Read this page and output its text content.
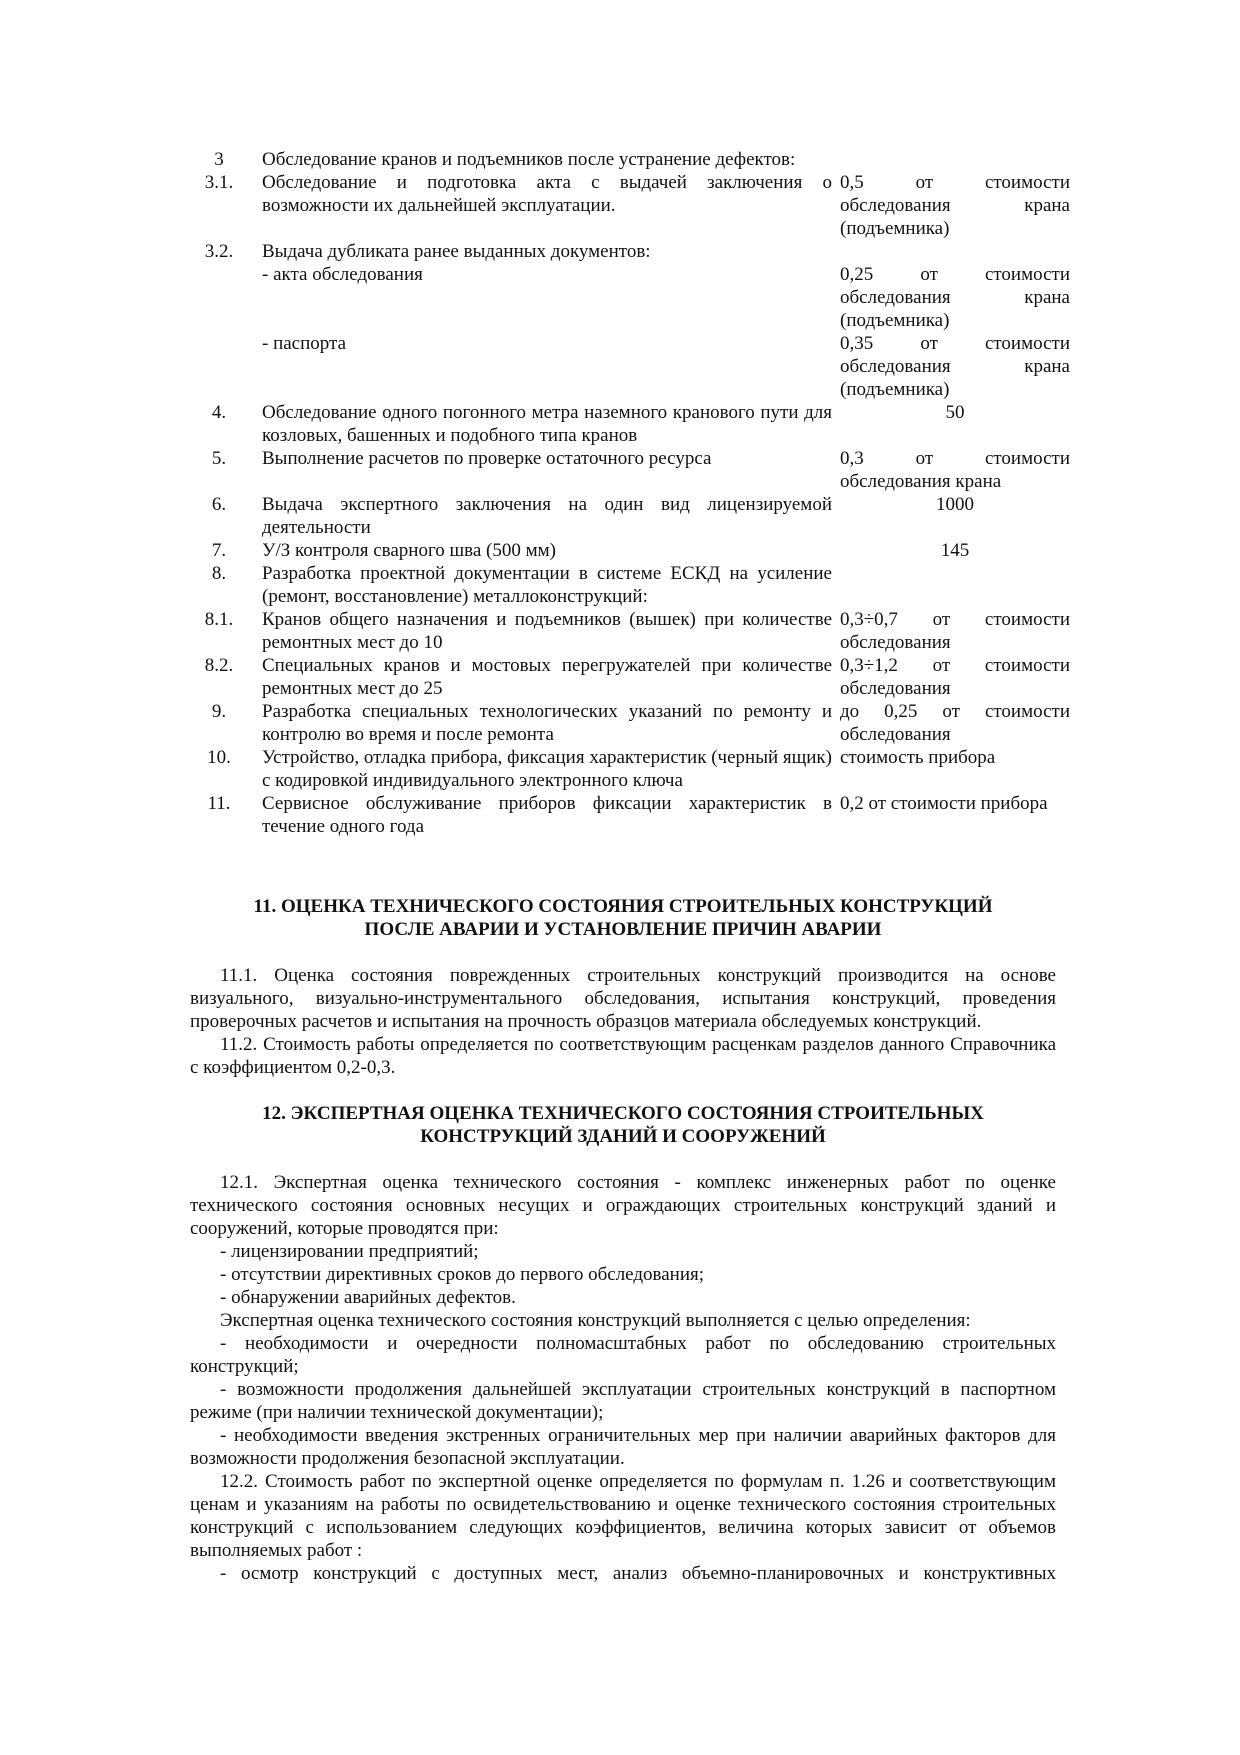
3	Обследование кранов и подъемников после устранение дефектов:	
3.1.	Обследование и подготовка акта с выдачей заключения о возможности их дальнейшей эксплуатации.	0,5 от стоимости обследования крана (подъемника)
3.2.	Выдача дубликата ранее выданных документов:	
	- акта обследования	0,25 от стоимости обследования крана (подъемника)
	- паспорта	0,35 от стоимости обследования крана (подъемника)
4.	Обследование одного погонного метра наземного кранового пути для козловых, башенных и подобного типа кранов	50
5.	Выполнение расчетов по проверке остаточного ресурса	0,3 от стоимости обследования крана
6.	Выдача экспертного заключения на один вид лицензируемой деятельности	1000
7.	У/З контроля сварного шва (500 мм)	145
8.	Разработка проектной документации в системе ЕСКД на усиление (ремонт, восстановление) металлоконструкций:	
8.1.	Кранов общего назначения и подъемников (вышек) при количестве ремонтных мест до 10	0,3÷0,7 от стоимости обследования
8.2.	Специальных кранов и мостовых перегружателей при количестве ремонтных мест до 25	0,3÷1,2 от стоимости обследования
9.	Разработка специальных технологических указаний по ремонту и контролю во время и после ремонта	до 0,25 от стоимости обследования
10.	Устройство, отладка прибора, фиксация характеристик (черный ящик) с кодировкой индивидуального электронного ключа	стоимость прибора
11.	Сервисное обслуживание приборов фиксации характеристик в течение одного года	0,2 от стоимости прибора

11. ОЦЕНКА ТЕХНИЧЕСКОГО СОСТОЯНИЯ СТРОИТЕЛЬНЫХ КОНСТРУКЦИЙ

ПОСЛЕ АВАРИИ И УСТАНОВЛЕНИЕ ПРИЧИН АВАРИИ

11.1. Оценка состояния поврежденных строительных конструкций производится на основе визуального, визуально-инструментального обследования, испытания конструкций, проведения проверочных расчетов и испытания на прочность образцов материала обследуемых конструкций.

11.2. Стоимость работы определяется по соответствующим расценкам разделов данного Справочника с коэффициентом 0,2-0,3.

12. ЭКСПЕРТНАЯ ОЦЕНКА ТЕХНИЧЕСКОГО СОСТОЯНИЯ СТРОИТЕЛЬНЫХ

КОНСТРУКЦИЙ ЗДАНИЙ И СООРУЖЕНИЙ

12.1. Экспертная оценка технического состояния - комплекс инженерных работ по оценке технического состояния основных несущих и ограждающих строительных конструкций зданий и сооружений, которые проводятся при:

- лицензировании предприятий;

- отсутствии директивных сроков до первого обследования;

- обнаружении аварийных дефектов.

Экспертная оценка технического состояния конструкций выполняется с целью определения:

- необходимости и очередности полномасштабных работ по обследованию строительных конструкций;

- возможности продолжения дальнейшей эксплуатации строительных конструкций в паспортном режиме (при наличии технической документации);

- необходимости введения экстренных ограничительных мер при наличии аварийных факторов для возможности продолжения безопасной эксплуатации.

12.2. Стоимость работ по экспертной оценке определяется по формулам п. 1.26 и соответствующим ценам и указаниям на работы по освидетельствованию и оценке технического состояния строительных конструкций с использованием следующих коэффициентов, величина которых зависит от объемов выполняемых работ :

- осмотр конструкций с доступных мест, анализ объемно-планировочных и конструктивных
